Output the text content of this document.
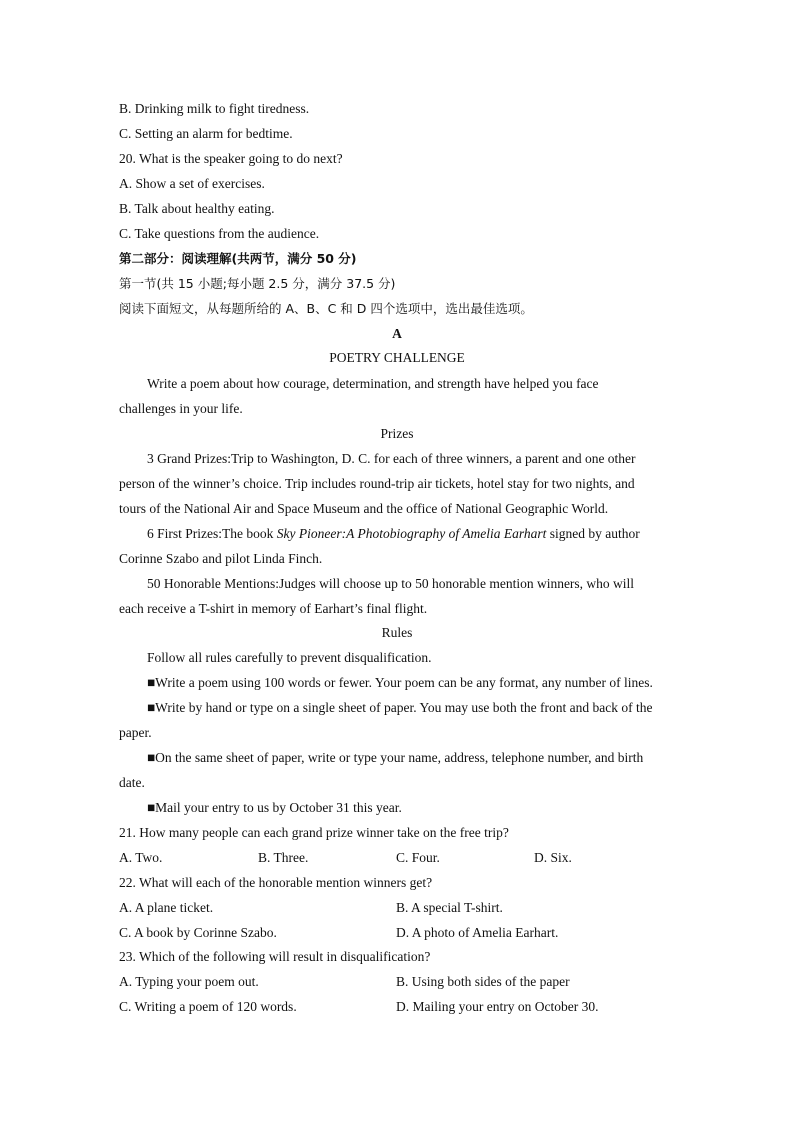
B. Drinking milk to fight tiredness.
C. Setting an alarm for bedtime.
20. What is the speaker going to do next?
A. Show a set of exercises.
B. Talk about healthy eating.
C. Take questions from the audience.
第二部分：阅读理解(共两节，满分 50 分)
第一节(共 15 小题;每小题 2.5 分，满分 37.5 分)
阅读下面短文，从每题所给的 A、B、C 和 D 四个选项中，选出最佳选项。
A
POETRY CHALLENGE
Write a poem about how courage, determination, and strength have helped you face
challenges in your life.
Prizes
3 Grand Prizes:Trip to Washington, D. C. for each of three winners, a parent and one other
person of the winner’s choice. Trip includes round-trip air tickets, hotel stay for two nights, and
tours of the National Air and Space Museum and the office of National Geographic World.
6 First Prizes:The book Sky Pioneer:A Photobiography of Amelia Earhart signed by author
Corinne Szabo and pilot Linda Finch.
50 Honorable Mentions:Judges will choose up to 50 honorable mention winners, who will
each receive a T-shirt in memory of Earhart’s final flight.
Rules
Follow all rules carefully to prevent disqualification.
■Write a poem using 100 words or fewer. Your poem can be any format, any number of lines.
■Write by hand or type on a single sheet of paper. You may use both the front and back of the
paper.
■On the same sheet of paper, write or type your name, address, telephone number, and birth
date.
■Mail your entry to us by October 31 this year.
21. How many people can each grand prize winner take on the free trip?
A. Two.	B. Three.	C. Four.	D. Six.
22. What will each of the honorable mention winners get?
A. A plane ticket.	B. A special T-shirt.
C. A book by Corinne Szabo.	D. A photo of Amelia Earhart.
23. Which of the following will result in disqualification?
A. Typing your poem out.	B. Using both sides of the paper
C. Writing a poem of 120 words.	D. Mailing your entry on October 30.
